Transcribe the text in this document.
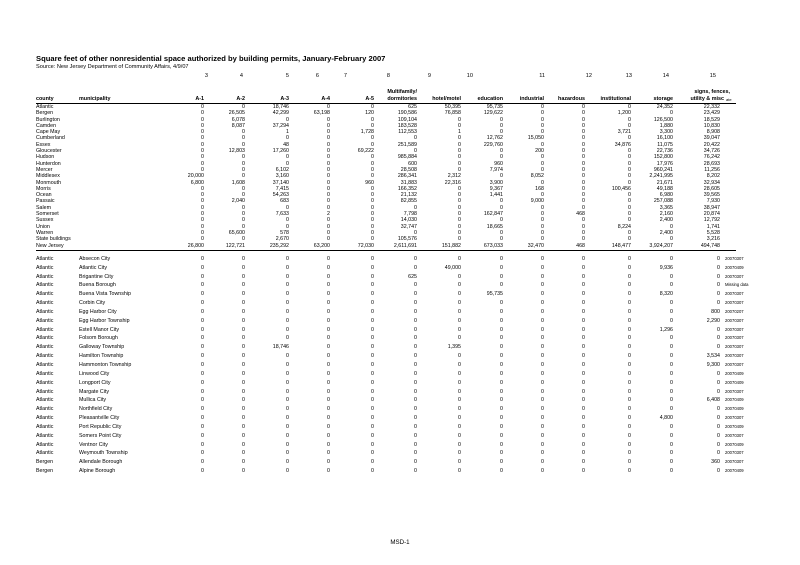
Square feet of other nonresidential space authorized by building permits, January-February 2007
Source: New Jersey Department of Community Affairs, 4/9/07
3	4	5	6	7	8	9	10	11	12	13	14	15
county	municipality	A-1	A-2	A-3	A-4	A-5
Multifamily/
dormitories	hotel/motel	education	industrial	hazardous	institutional	storage
signs, fences,
utility & misc ate
Atlantic		0	0	18,746	0	0	625	50,395	95,735	0	0	0	24,352	22,332
Bergen		0	26,505	42,299	63,198	120	190,586	76,858	129,622	0	0	1,200	0	23,429
Burlington		0	6,078	0	0	0	109,104	0	0	0	0	0	126,500	18,529
Camden		0	8,087	37,294	0	0	183,528	0	0	0	0	0	1,880	10,830
Cape May		0	0	1	0	1,728	112,553	1	0	0	0	3,721	3,300	8,908
Cumberland		0	0	0	0	0	0	0	12,762	15,050	0	0	16,100	39,047
Essex		0	0	48	0	0	251,589	0	229,760	0	0	34,876	11,075	20,422
Gloucester		0	12,803	17,260	0	69,222	0	0	0	200	0	0	22,736	34,726
Hudson		0	0	0	0	0	985,884	0	0	0	0	0	152,800	76,242
Hunterdon		0	0	0	0	0	600	0	960	0	0	0	17,976	28,693
Mercer		0	0	6,102	0	0	28,508	0	7,974	0	0	0	960,241	11,256
Middlesex		20,000	0	3,160	0	0	286,341	2,312	0	8,052	0	0	2,241,995	8,202
Monmouth		6,800	1,608	37,140	0	960	31,883	22,316	3,900	0	0	0	21,671	32,934
Morris		0	0	7,415	0	0	166,352	0	9,367	168	0	100,456	49,188	28,605
Ocean		0	0	54,263	0	0	21,132	0	1,441	0	0	0	6,980	39,565
Passaic		0	2,040	683	0	0	82,855	0	0	9,000	0	0	257,088	7,930
Salem		0	0	0	0	0	0	0	0	0	0	0	3,365	38,947
Somerset		0	0	7,633	2	0	7,798	0	162,847	0	468	0	2,160	20,874
Sussex		0	0	0	0	0	14,030	0	0	0	0	0	2,400	12,792
Union		0	0	0	0	0	32,747	0	18,665	0	0	8,224	0	1,741
Warren		0	65,600	578	0	0	0	0	0	0	0	0	2,400	5,528
State buildings		0	0	2,670	0	0	105,576	0	0	0	0	0	0	3,216
New Jersey		26,800	122,721	235,292	63,200	72,030	2,611,691	151,882	673,033	32,470	468	148,477	3,924,207	494,748
Atlantic	Absecon City	0	0	0	0	0	0	0	0	0	0	0	0	0	20070307
Atlantic	Atlantic City	0	0	0	0	0	0	49,000	0	0	0	0	9,936	0	20070409
Atlantic	Brigantine City	0	0	0	0	0	625	0	0	0	0	0	0	0	20070307
Atlantic	Buena Borough	0	0	0	0	0	0	0	0	0	0	0	0	0	Missing data
Atlantic	Buena Vista Township	0	0	0	0	0	0	0	95,735	0	0	0	8,320	0	20070307
Atlantic	Corbin City	0	0	0	0	0	0	0	0	0	0	0	0	0	20070307
Atlantic	Egg Harbor City	0	0	0	0	0	0	0	0	0	0	0	0	800	20070207
Atlantic	Egg Harbor Township	0	0	0	0	0	0	0	0	0	0	0	0	2,290	20070307
Atlantic	Estell Manor City	0	0	0	0	0	0	0	0	0	0	0	1,296	0	20070307
Atlantic	Folsom Borough	0	0	0	0	0	0	0	0	0	0	0	0	0	20070307
Atlantic	Galloway Township	0	0	18,746	0	0	0	1,395	0	0	0	0	0	0	20070307
Atlantic	Hamilton Township	0	0	0	0	0	0	0	0	0	0	0	0	3,534	20070307
Atlantic	Hammonton Township	0	0	0	0	0	0	0	0	0	0	0	0	9,300	20070307
Atlantic	Linwood City	0	0	0	0	0	0	0	0	0	0	0	0	0	20070409
Atlantic	Longport City	0	0	0	0	0	0	0	0	0	0	0	0	0	20070409
Atlantic	Margate City	0	0	0	0	0	0	0	0	0	0	0	0	0	20070307
Atlantic	Mullica City	0	0	0	0	0	0	0	0	0	0	0	0	6,408	20070409
Atlantic	Northfield City	0	0	0	0	0	0	0	0	0	0	0	0	0	20070409
Atlantic	Pleasantville City	0	0	0	0	0	0	0	0	0	0	0	4,800	0	20070307
Atlantic	Port Republic City	0	0	0	0	0	0	0	0	0	0	0	0	0	20070409
Atlantic	Somers Point City	0	0	0	0	0	0	0	0	0	0	0	0	0	20070307
Atlantic	Ventnor City	0	0	0	0	0	0	0	0	0	0	0	0	0	20070409
Atlantic	Weymouth Township	0	0	0	0	0	0	0	0	0	0	0	0	0	20070307
Bergen	Allendale Borough	0	0	0	0	0	0	0	0	0	0	0	0	360	20070307
Bergen	Alpine Borough	0	0	0	0	0	0	0	0	0	0	0	0	0	20070409
MSD-1
